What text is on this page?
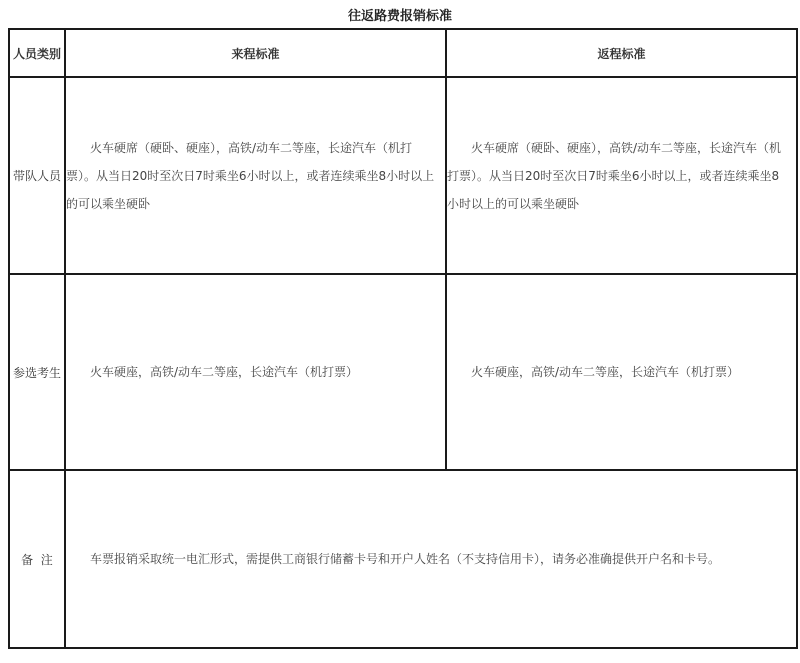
往返路费报销标准
人员类别	来程标准	返程标准
带队人员	火车硬席（硬卧、硬座），高铁/动车二等座，长途汽车（机打票）。从当日20时至次日7时乘坐6小时以上，或者连续乘坐8小时以上的可以乘坐硬卧	火车硬席（硬卧、硬座），高铁/动车二等座，长途汽车（机打票）。从当日20时至次日7时乘坐6小时以上，或者连续乘坐8小时以上的可以乘坐硬卧
参选考生	火车硬座，高铁/动车二等座，长途汽车（机打票）	火车硬座，高铁/动车二等座，长途汽车（机打票）
备  注	车票报销采取统一电汇形式，需提供工商银行储蓄卡号和开户人姓名（不支持信用卡），请务必准确提供开户名和卡号。	
